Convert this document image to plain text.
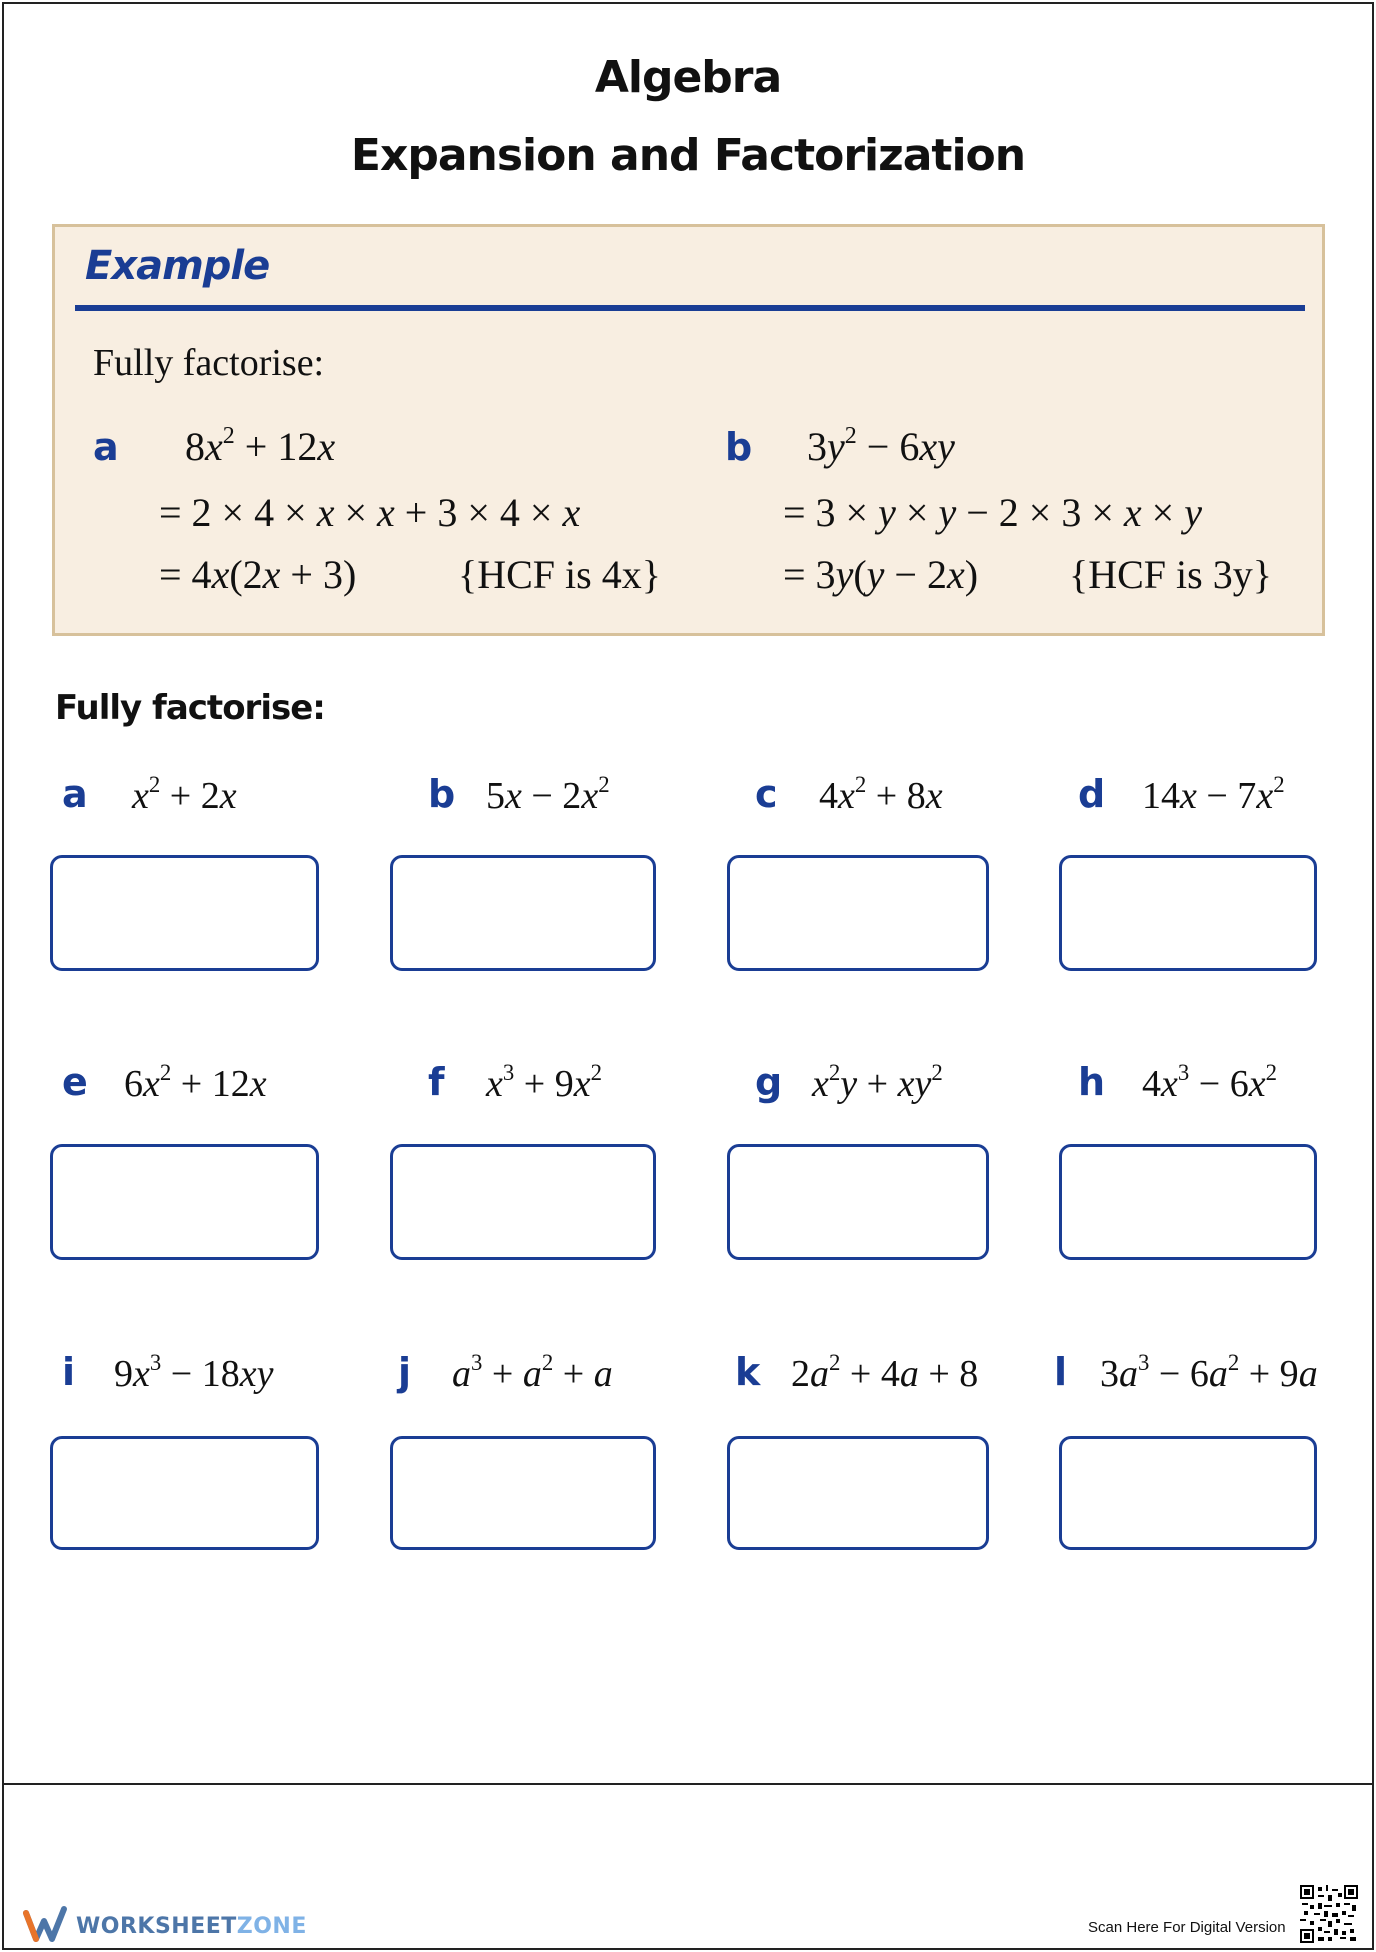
Algebra
Expansion and Factorization
Example
Fully factorise:
a $8x^2 + 12x$
= 2 × 4 × x × x + 3 × 4 × x
= 4x(2x + 3)	{HCF is 4x}
b $3y^2 - 6xy$
= 3 × y × y − 2 × 3 × x × y
= 3y(y − 2x) {HCF is 3y}
Fully factorise:
a $x^2 + 2x$	b $5x - 2x^2$	c $4x^2 + 8x$	d $14x - 7x^2$
e $6x^2 + 12x$	f $x^3 + 9x^2$	g $x^2y + xy^2$	h $4x^3 - 6x^2$
i $9x^3 - 18xy$	j $a^3 + a^2 + a$	k $2a^2 + 4a + 8$ l $3a^3 - 6a^2 + 9a$
WORKSHEETZONE	Scan Here For Digital Version
